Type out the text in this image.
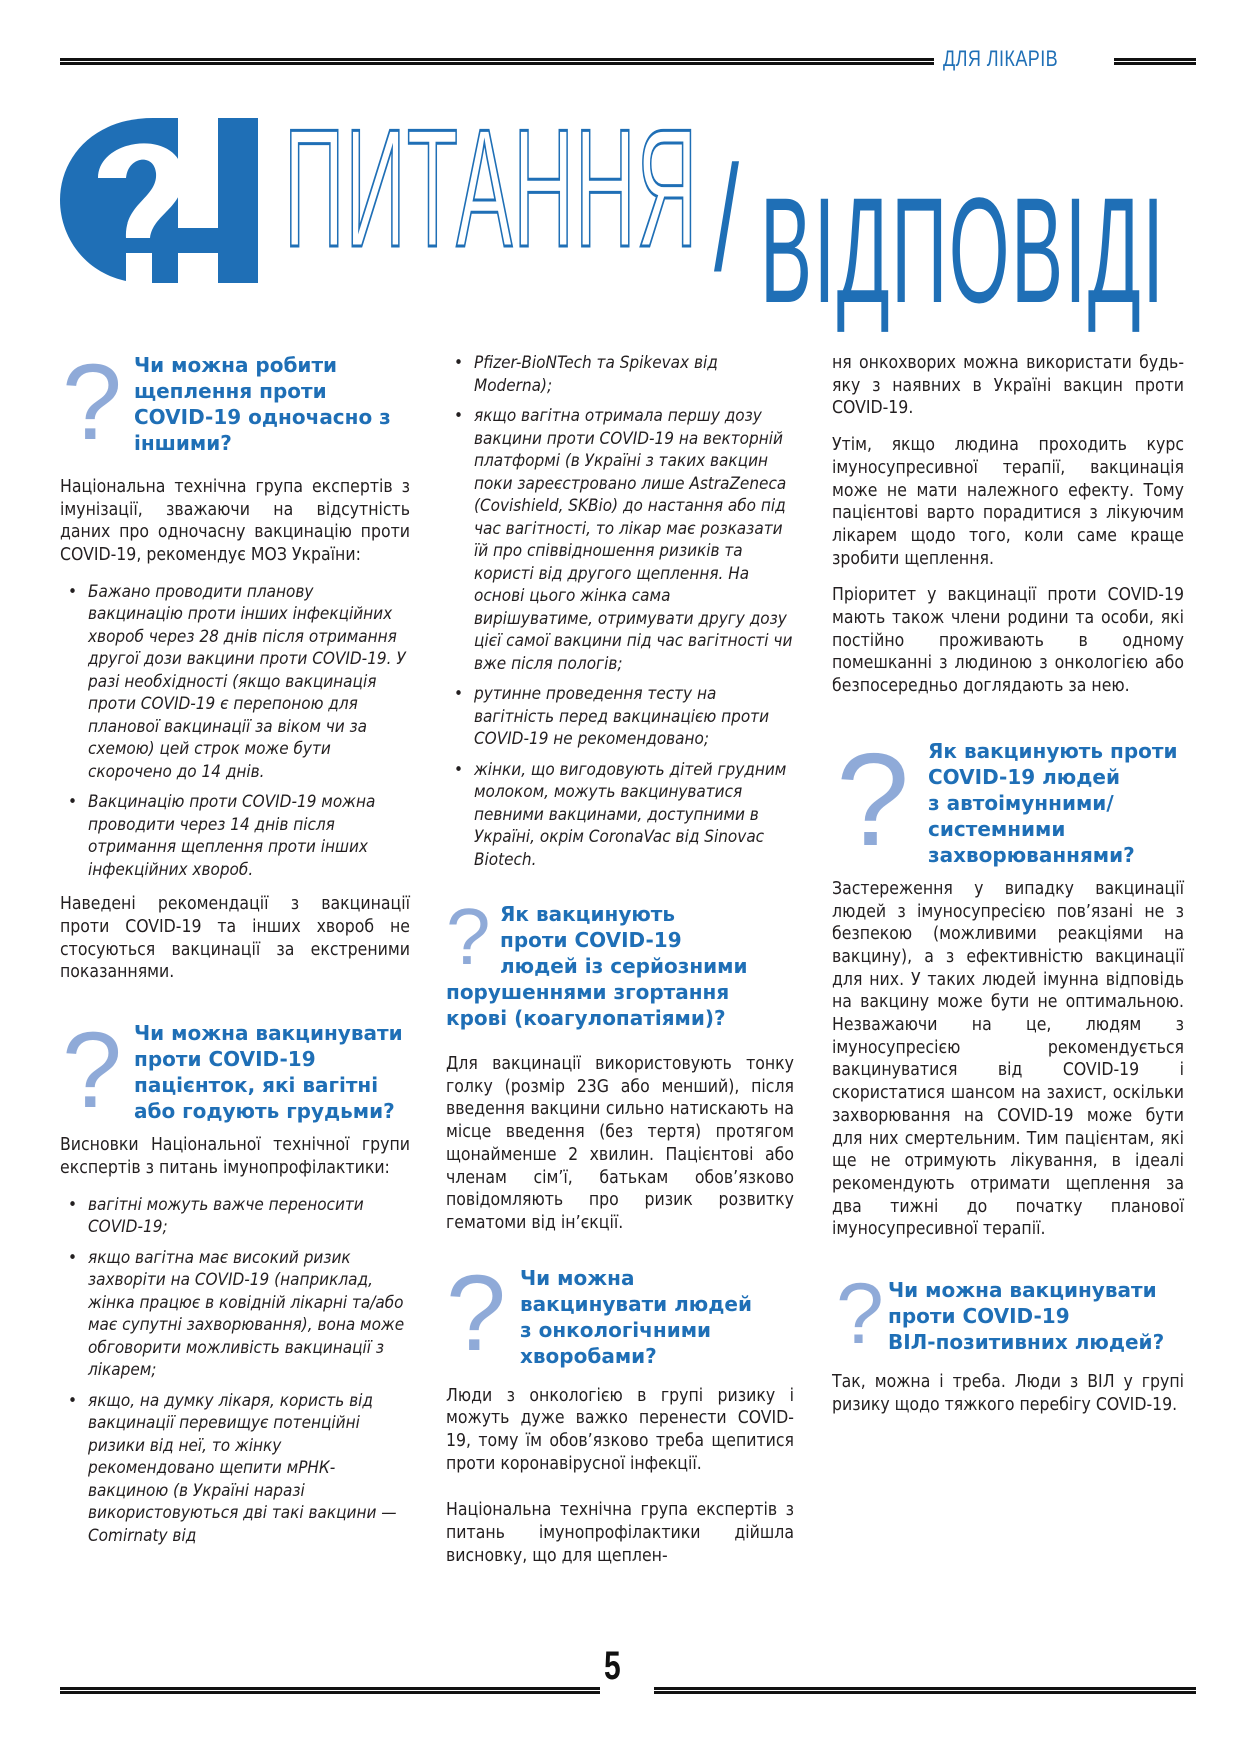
ДЛЯ ЛІКАРІВ
ПИТАННЯ / ВІДПОВІДІ
? Чи можна робити
щеплення проти
COVID-19 одночасно з
іншими?

Національна технічна група експертів з імунізації, зважаючи на відсутність даних про одночасну вакцинацію проти COVID-19, рекомендує МОЗ України:

• Бажано проводити планову вакцинацію проти інших інфекційних хвороб через 28 днів після отримання другої дози вакцини проти COVID-19. У разі необхідності (якщо вакцинація проти COVID-19 є перепоною для планової вакцинації за віком чи за схемою) цей строк може бути скорочено до 14 днів.
• Вакцинацію проти COVID-19 можна проводити через 14 днів після отримання щеплення проти інших інфекційних хвороб.

Наведені рекомендації з вакцинації проти COVID-19 та інших хвороб не стосуються вакцинації за екстреними показаннями.

? Чи можна вакцинувати
проти COVID-19
пацієнток, які вагітні
або годують грудьми?

Висновки Національної технічної групи експертів з питань імунопрофілактики:

• вагітні можуть важче переносити COVID-19;
• якщо вагітна має високий ризик захворіти на COVID-19 (наприклад, жінка працює в ковідній лікарні та/або має супутні захворювання), вона може обговорити можливість вакцинації з лікарем;
• якщо, на думку лікаря, користь від вакцинації перевищує потенційні ризики від неї, то жінку рекомендовано щепити мРНК-вакциною (в Україні наразі використовуються дві такі вакцини — Comirnaty від
• Pfizer-BioNTech та Spikevax від Moderna);
• якщо вагітна отримала першу дозу вакцини проти COVID-19 на векторній платформі (в Україні з таких вакцин поки зареєстровано лише AstraZeneca (Covishield, SKBio) до настання або під час вагітності, то лікар має розказати їй про співвідношення ризиків та користі від другого щеплення. На основі цього жінка сама вирішуватиме, отримувати другу дозу цієї самої вакцини під час вагітності чи вже після пологів;
• рутинне проведення тесту на вагітність перед вакцинацією проти COVID-19 не рекомендовано;
• жінки, що вигодовують дітей грудним молоком, можуть вакцинуватися певними вакцинами, доступними в Україні, окрім CoronaVac від Sinovac Biotech.
? Як вакцинують
проти COVID-19
людей із серйозними
порушеннями згортання
крові (коагулопатіями)?

Для вакцинації використовують тонку голку (розмір 23G або менший), після введення вакцини сильно натискають на місце введення (без тертя) протягом щонайменше 2 хвилин. Пацієнтові або членам сім’ї, батькам обов’язково повідомляють про ризик розвитку гематоми від ін’єкції.

? Чи можна
вакцинувати людей
з онкологічними
хворобами?

Люди з онкологією в групі ризику і можуть дуже важко перенести COVID-19, тому їм обов’язково треба щепитися проти коронавірусної інфекції.

Національна технічна група експертів з питань імунопрофілактики дійшла висновку, що для щеплен-

ня онкохворих можна використати будь-яку з наявних в Україні вакцин проти COVID-19.

Утім, якщо людина проходить курс імуносупресивної терапії, вакцинація може не мати належного ефекту. Тому пацієнтові варто порадитися з лікуючим лікарем щодо того, коли саме краще зробити щеплення.

Пріоритет у вакцинації проти COVID-19 мають також члени родини та особи, які постійно проживають в одному помешканні з людиною з онкологією або безпосередньо доглядають за нею.

? Як вакцинують проти
COVID-19 людей
з автоімунними/
системними
захворюваннями?

Застереження у випадку вакцинації людей з імуносупресією пов’язані не з безпекою (можливими реакціями на вакцину), а з ефективністю вакцинації для них. У таких людей імунна відповідь на вакцину може бути не оптимальною. Незважаючи на це, людям з імуносупресією рекомендується вакцинуватися від COVID-19 і скористатися шансом на захист, оскільки захворювання на COVID-19 може бути для них смертельним. Тим пацієнтам, які ще не отримують лікування, в ідеалі рекомендують отримати щеплення за два тижні до початку планової імуносупресивної терапії.

? Чи можна вакцинувати
проти COVID-19
ВІЛ-позитивних людей?

Так, можна і треба. Люди з ВІЛ у групі ризику щодо тяжкого перебігу COVID-19.

5
